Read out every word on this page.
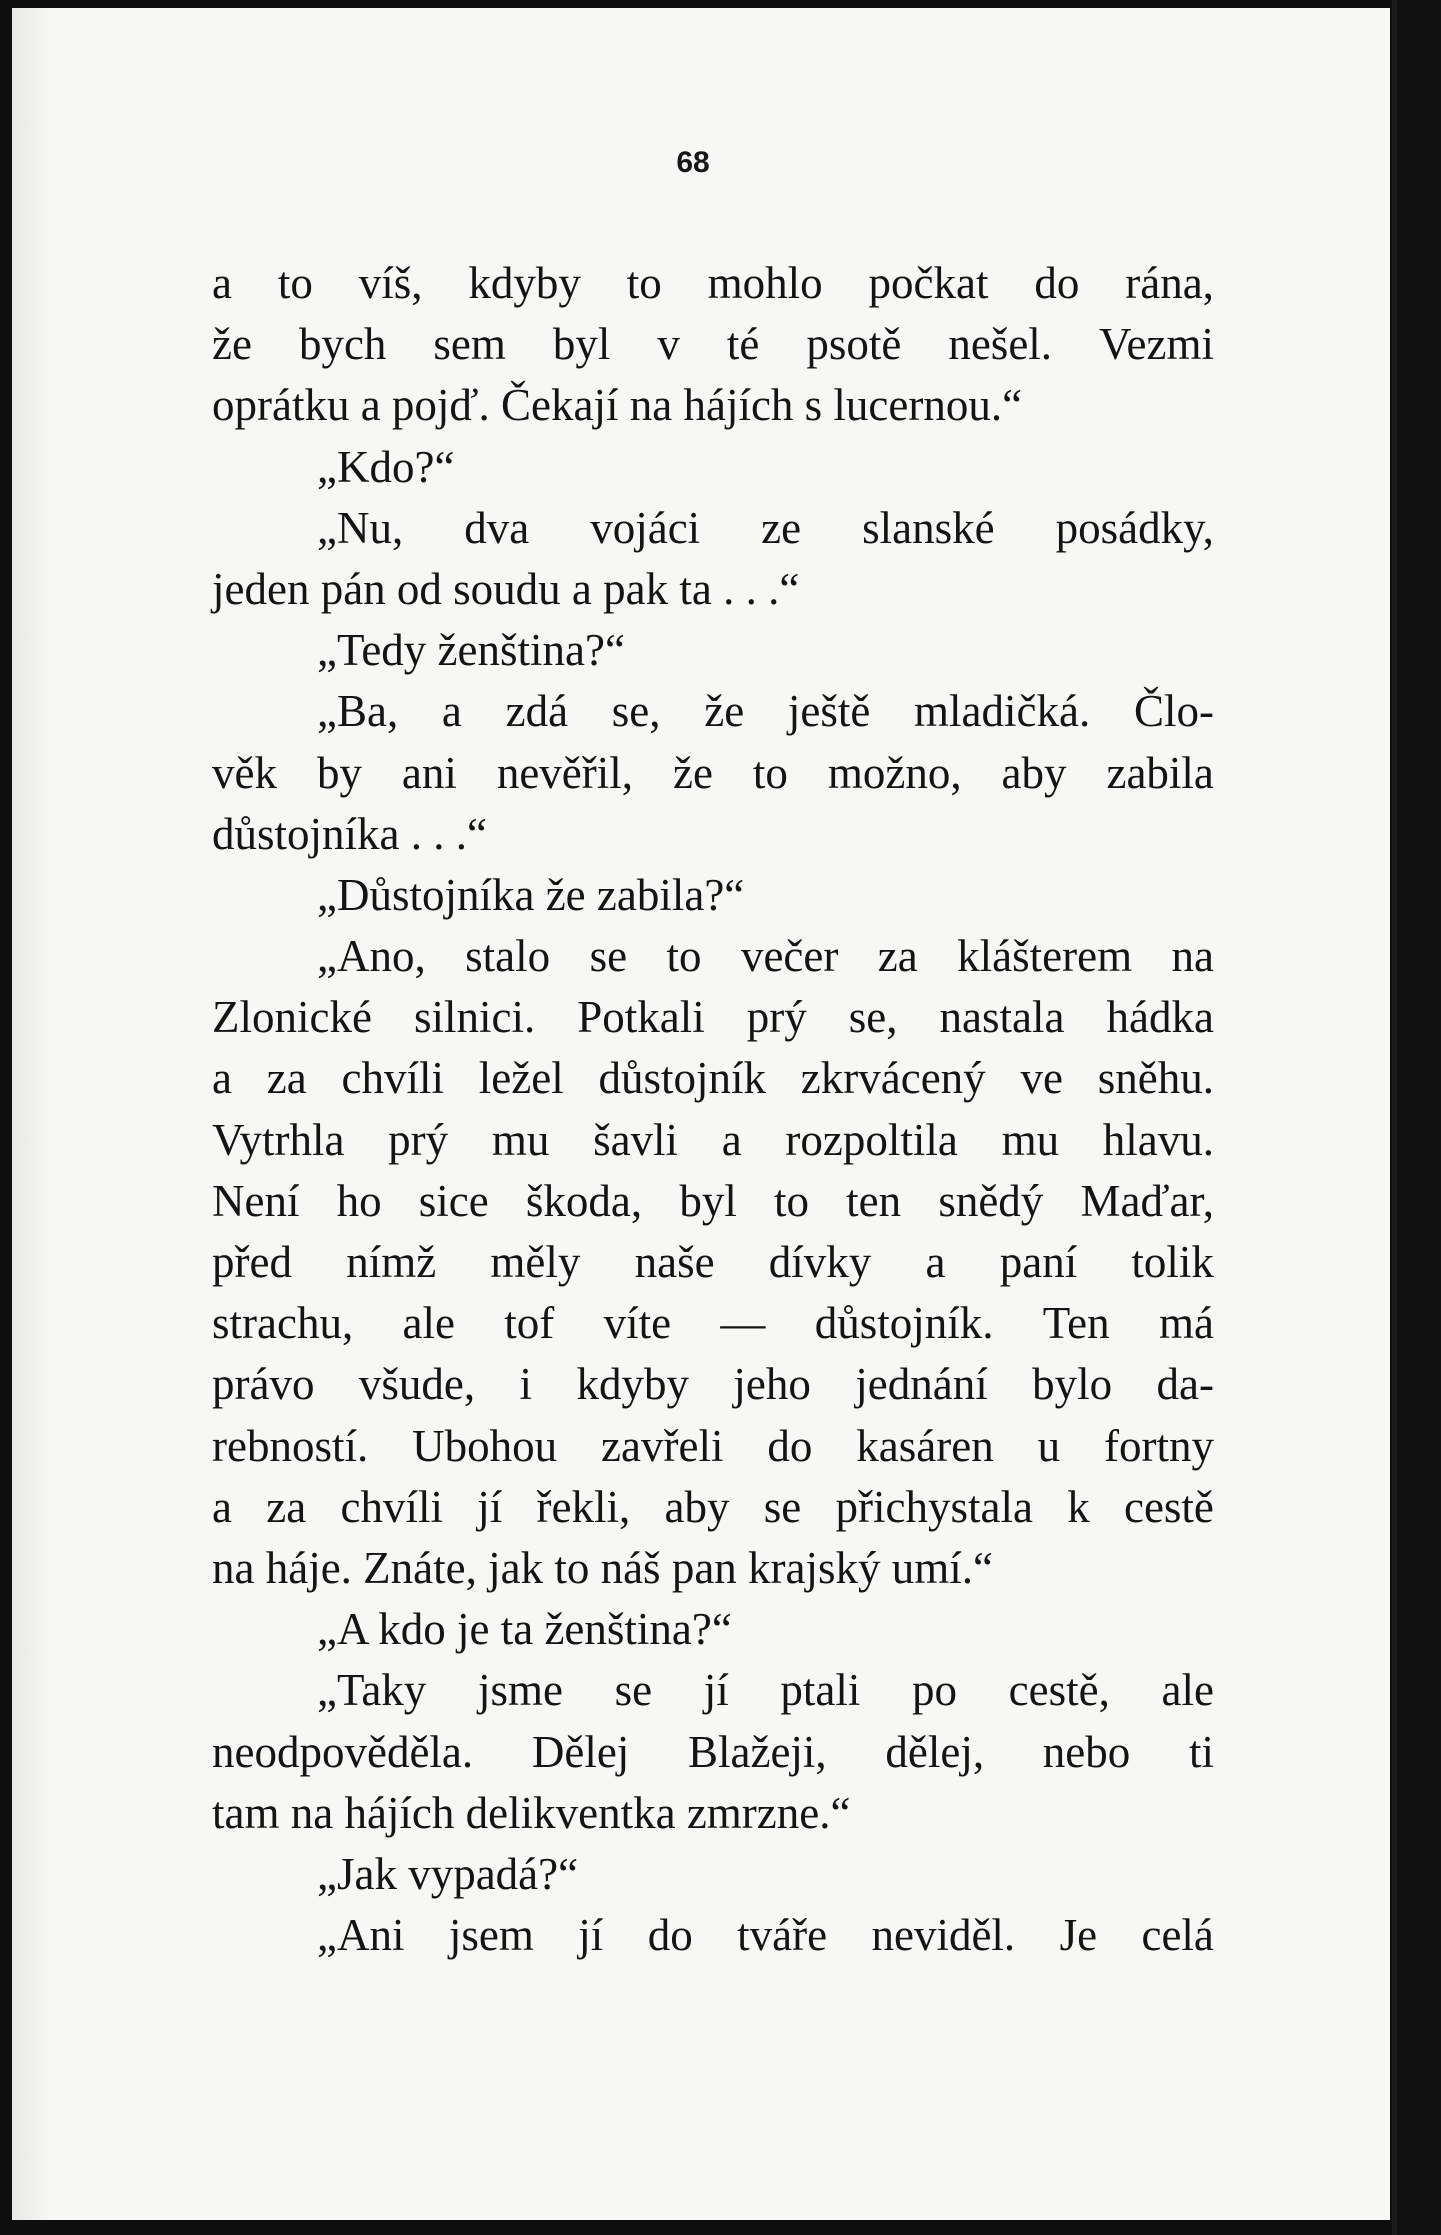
68
a to víš, kdyby to mohlo počkat do rána,
že bych sem byl v té psotě nešel. Vezmi
oprátku a pojď. Čekají na hájích s lucernou.“
„Kdo?“
„Nu, dva vojáci ze slanské posádky,
jeden pán od soudu a pak ta . . .“
„Tedy ženština?“
„Ba, a zdá se, že ještě mladičká. Člo-
věk by ani nevěřil, že to možno, aby zabila
důstojníka . . .“
„Důstojníka že zabila?“
„Ano, stalo se to večer za klášterem na
Zlonické silnici. Potkali prý se, nastala hádka
a za chvíli ležel důstojník zkrvácený ve sněhu.
Vytrhla prý mu šavli a rozpoltila mu hlavu.
Není ho sice škoda, byl to ten snědý Maďar,
před nímž měly naše dívky a paní tolik
strachu, ale tof víte — důstojník. Ten má
právo všude, i kdyby jeho jednání bylo da-
rebností. Ubohou zavřeli do kasáren u fortny
a za chvíli jí řekli, aby se přichystala k cestě
na háje. Znáte, jak to náš pan krajský umí.“
„A kdo je ta ženština?“
„Taky jsme se jí ptali po cestě, ale
neodpověděla. Dělej Blažeji, dělej, nebo ti
tam na hájích delikventka zmrzne.“
„Jak vypadá?“
„Ani jsem jí do tváře neviděl. Je celá
